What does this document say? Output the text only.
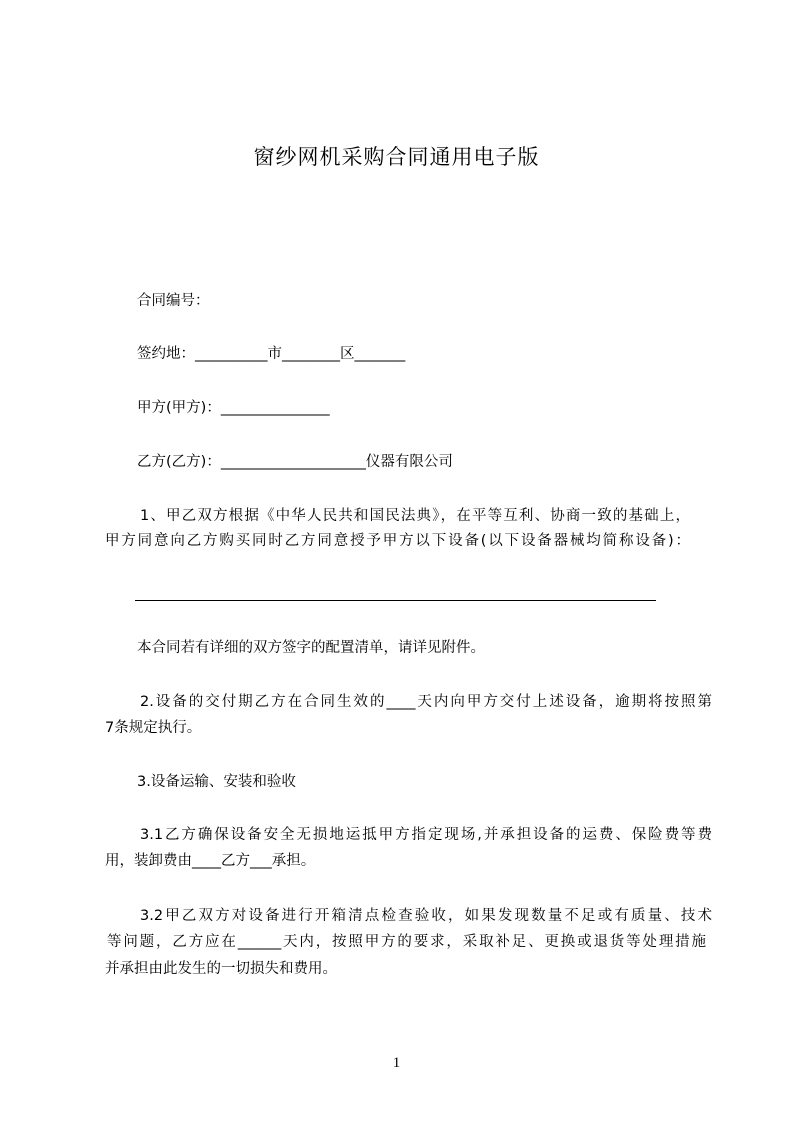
窗纱网机采购合同通用电子版
合同编号：
签约地：__________市________区_______
甲方(甲方)：_______________
乙方(乙方)：____________________仪器有限公司
1、甲乙双方根据《中华人民共和国民法典》，在平等互利、协商一致的基础上，
甲方同意向乙方购买同时乙方同意授予甲方以下设备(以下设备器械均简称设备)：
本合同若有详细的双方签字的配置清单，请详见附件。
2.设备的交付期乙方在合同生效的____天内向甲方交付上述设备，逾期将按照第
7条规定执行。
3.设备运输、安装和验收
3.1乙方确保设备安全无损地运抵甲方指定现场,并承担设备的运费、保险费等费
用，装卸费由____乙方___承担。
3.2甲乙双方对设备进行开箱清点检查验收，如果发现数量不足或有质量、技术
等问题，乙方应在______天内，按照甲方的要求，采取补足、更换或退货等处理措施
并承担由此发生的一切损失和费用。
1
